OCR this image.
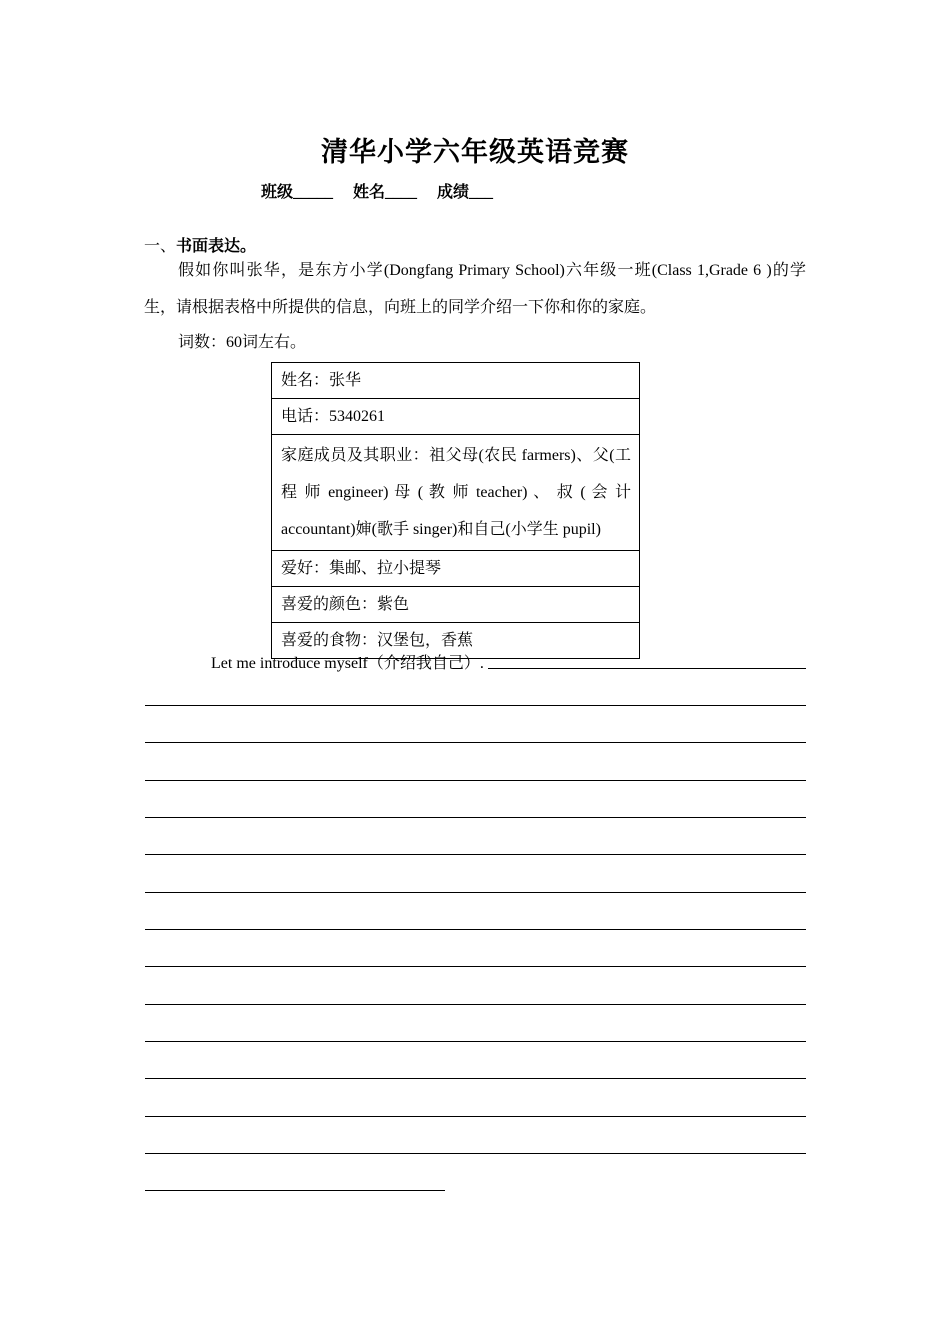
清华小学六年级英语竞赛
班级_____ 姓名____ 成绩___
一、书面表达。
假如你叫张华，是东方小学(Dongfang Primary School)六年级一班(Class 1,Grade 6 )的学生，请根据表格中所提供的信息，向班上的同学介绍一下你和你的家庭。
词数：60词左右。
姓名：张华
电话：5340261
家庭成员及其职业：祖父母(农民 farmers)、父(工程 师 engineer) 母 ( 教 师 teacher) 、 叔 ( 会 计 accountant)婶(歌手 singer)和自己(小学生 pupil)
爱好：集邮、拉小提琴
喜爱的颜色：紫色
喜爱的食物：汉堡包，香蕉
Let me introduce myself（介绍我自己）.
